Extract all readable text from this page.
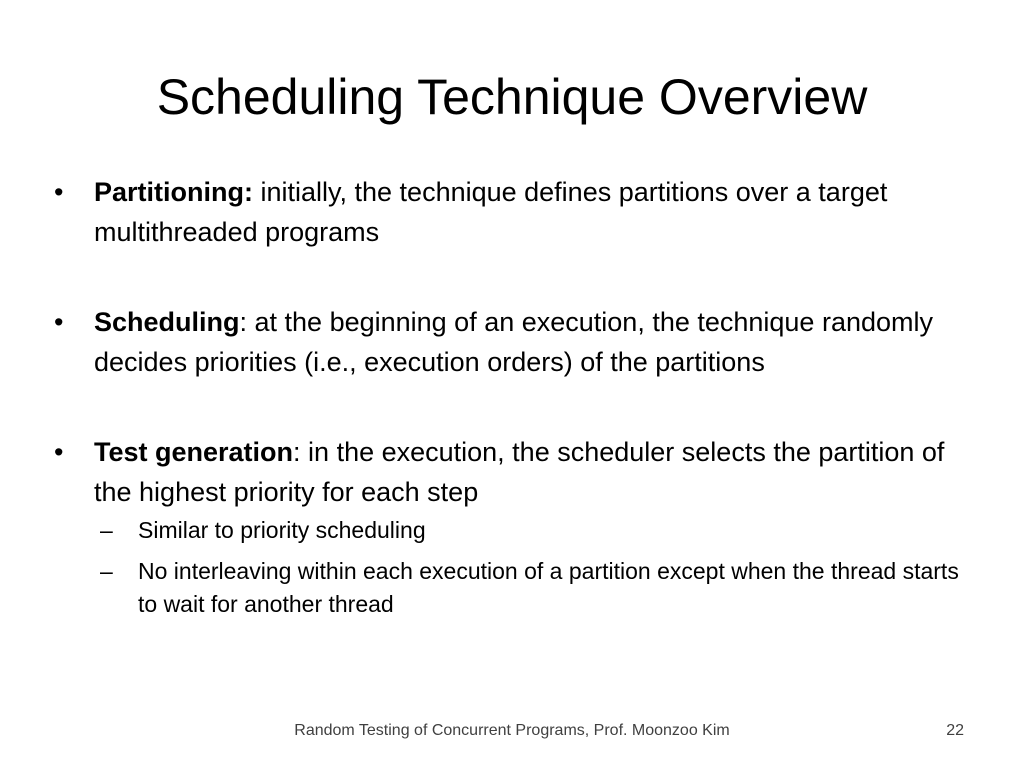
Scheduling Technique Overview
•	Partitioning: initially, the technique defines partitions over a target multithreaded programs
•	Scheduling: at the beginning of an execution, the technique randomly decides priorities (i.e., execution orders) of the partitions
•	Test generation: in the execution, the scheduler selects the partition of the highest priority for each step
–	Similar to priority scheduling
–	No interleaving within each execution of a partition except when the thread starts to wait for another thread
Random Testing of Concurrent Programs, Prof. Moonzoo Kim	22
